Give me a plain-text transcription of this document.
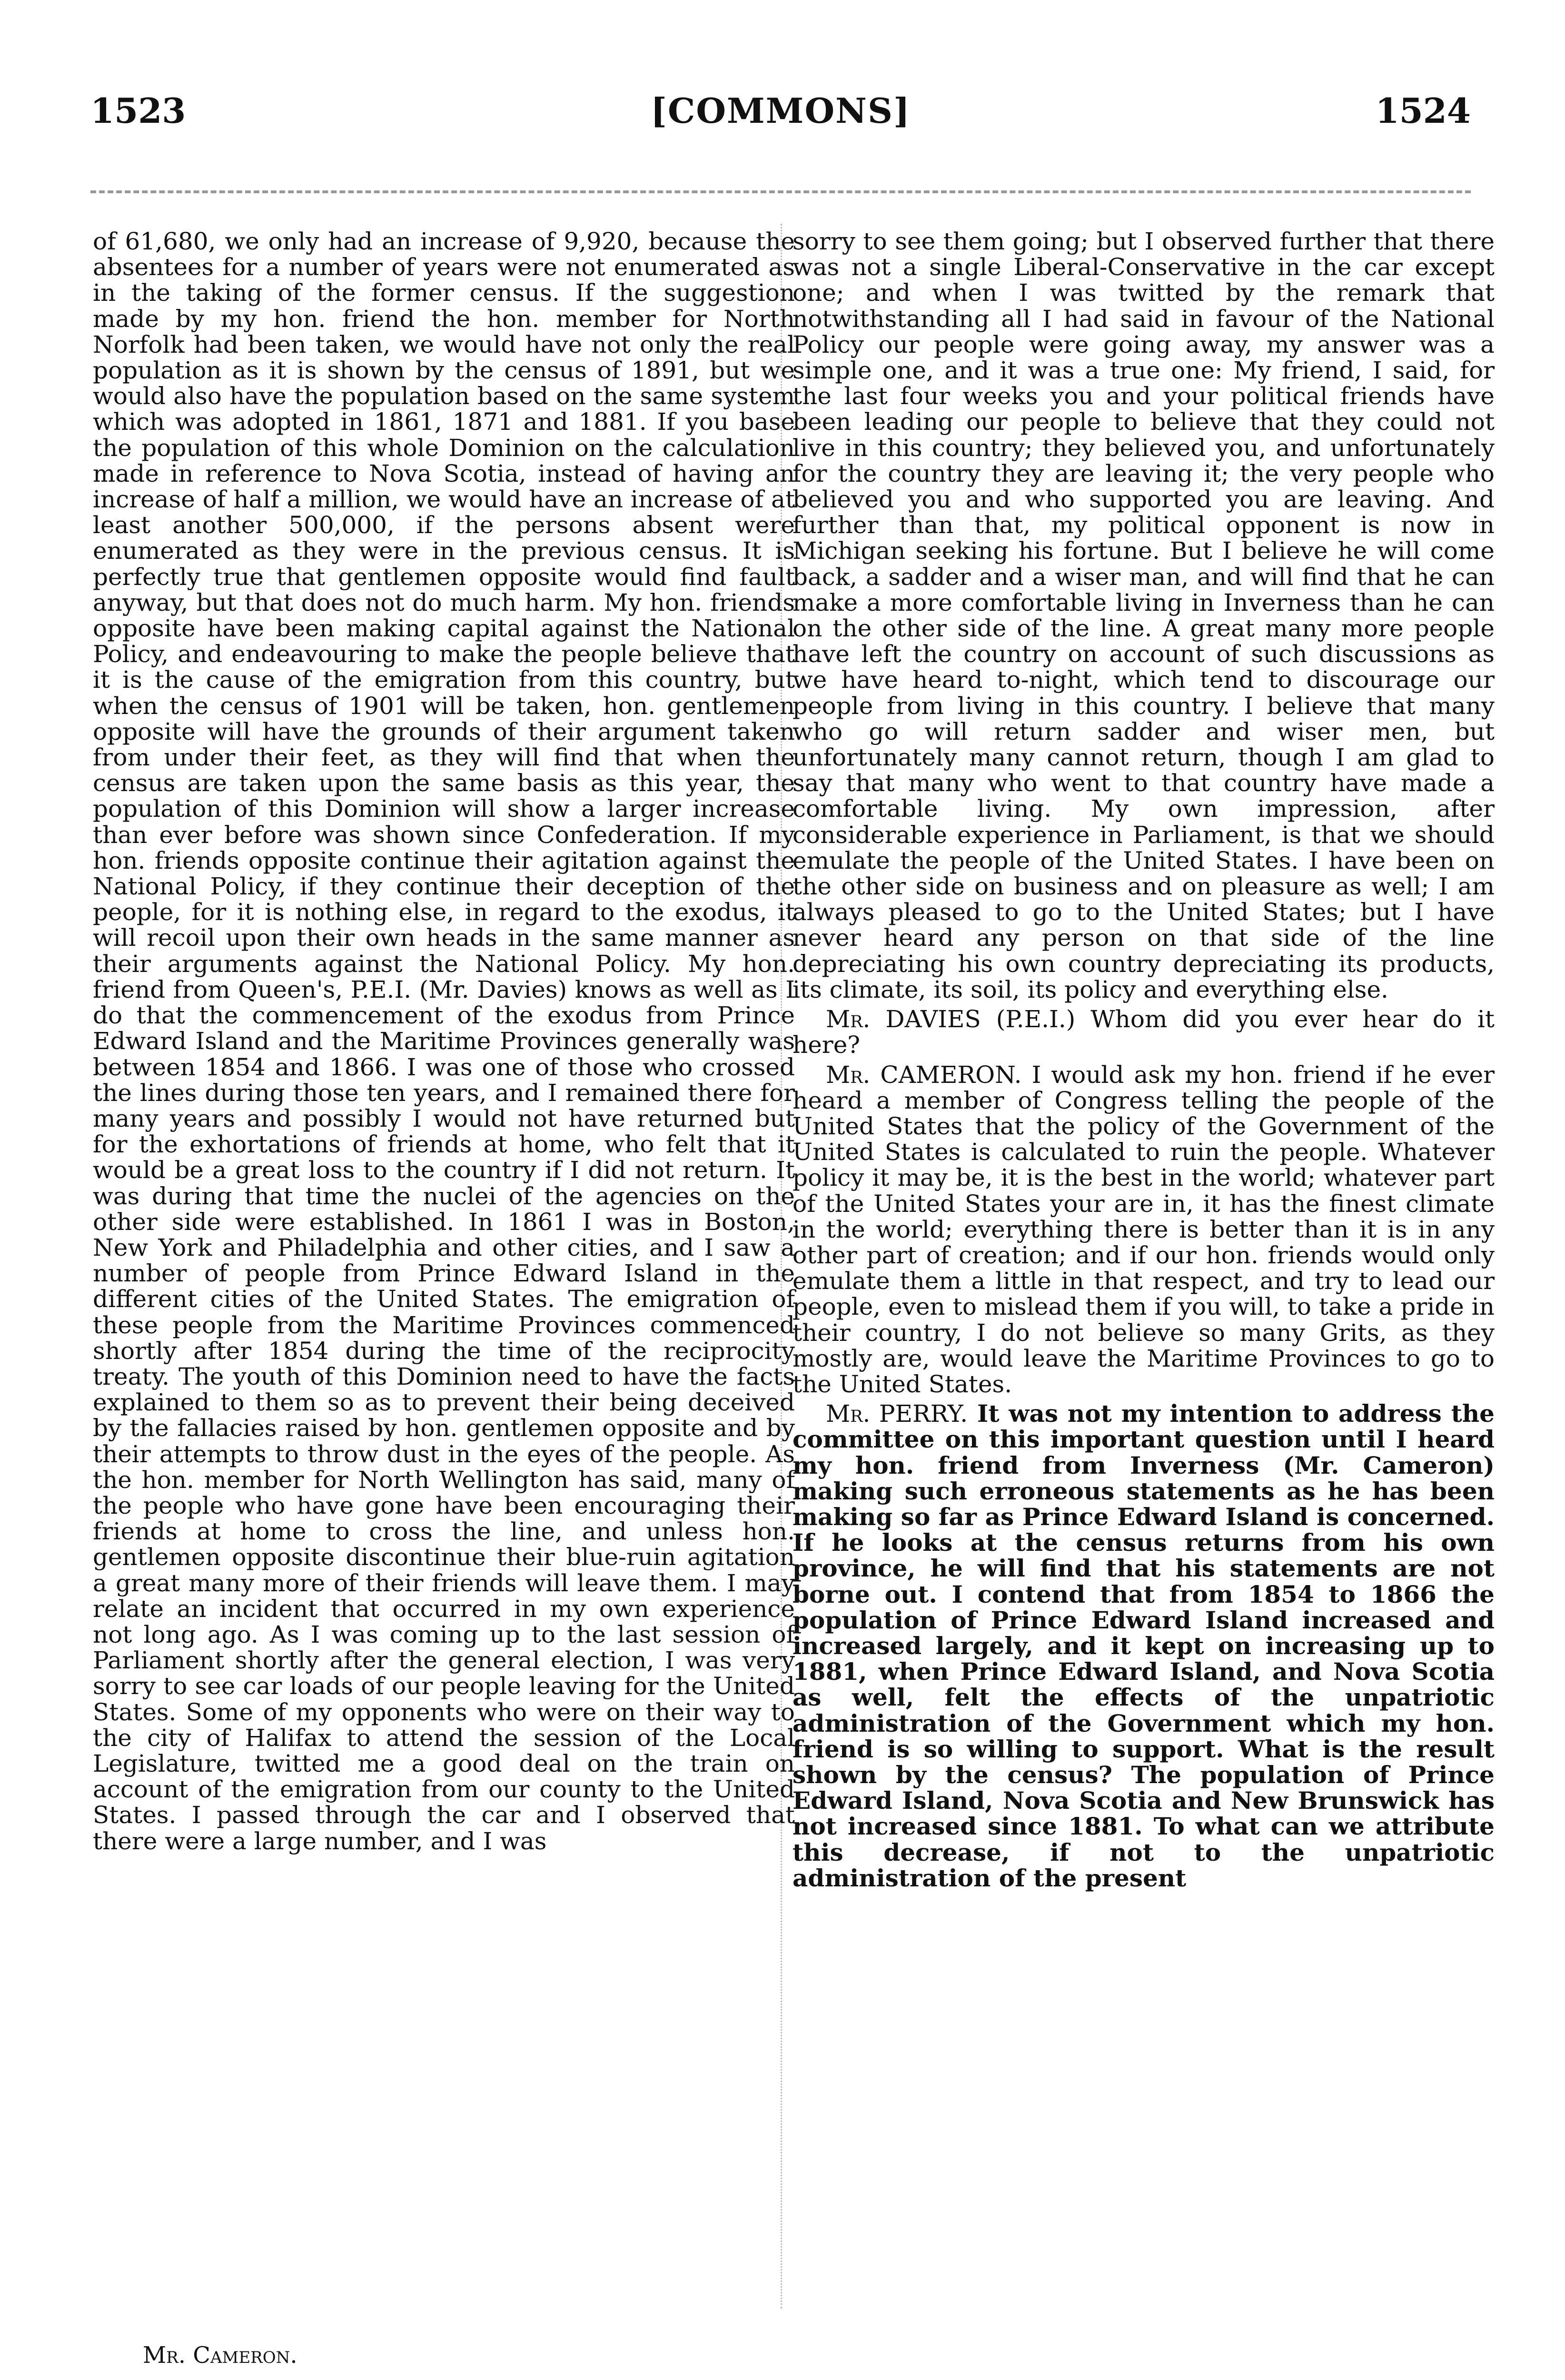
1523	[COMMONS]	1524

of 61,680, we only had an increase of 9,920, because the absentees for a number of years were not enumerated as in the taking of the former census. If the suggestion made by my hon. friend the hon. member for North Norfolk had been taken, we would have not only the real population as it is shown by the census of 1891, but we would also have the population based on the same system which was adopted in 1861, 1871 and 1881. If you base the population of this whole Dominion on the calculation made in reference to Nova Scotia, instead of having an increase of half a million, we would have an increase of at least another 500,000, if the persons absent were enumerated as they were in the previous census. It is perfectly true that gentlemen opposite would find fault anyway, but that does not do much harm. My hon. friends opposite have been making capital against the National Policy, and endeavouring to make the people believe that it is the cause of the emigration from this country, but when the census of 1901 will be taken, hon. gentlemen opposite will have the grounds of their argument taken from under their feet, as they will find that when the census are taken upon the same basis as this year, the population of this Dominion will show a larger increase than ever before was shown since Confederation. If my hon. friends opposite continue their agitation against the National Policy, if they continue their deception of the people, for it is nothing else, in regard to the exodus, it will recoil upon their own heads in the same manner as their arguments against the National Policy. My hon. friend from Queen's, P.E.I. (Mr. Davies) knows as well as I do that the commencement of the exodus from Prince Edward Island and the Maritime Provinces generally was between 1854 and 1866. I was one of those who crossed the lines during those ten years, and I remained there for many years and possibly I would not have returned but for the exhortations of friends at home, who felt that it would be a great loss to the country if I did not return. It was during that time the nuclei of the agencies on the other side were established. In 1861 I was in Boston, New York and Philadelphia and other cities, and I saw a number of people from Prince Edward Island in the different cities of the United States. The emigration of these people from the Maritime Provinces commenced shortly after 1854 during the time of the reciprocity treaty. The youth of this Dominion need to have the facts explained to them so as to prevent their being deceived by the fallacies raised by hon. gentlemen opposite and by their attempts to throw dust in the eyes of the people. As the hon. member for North Wellington has said, many of the people who have gone have been encouraging their friends at home to cross the line, and unless hon. gentlemen opposite discontinue their blue-ruin agitation a great many more of their friends will leave them. I may relate an incident that occurred in my own experience not long ago. As I was coming up to the last session of Parliament shortly after the general election, I was very sorry to see car loads of our people leaving for the United States. Some of my opponents who were on their way to the city of Halifax to attend the session of the Local Legislature, twitted me a good deal on the train on account of the emigration from our county to the United States. I passed through the car and I observed that there were a large number, and I was

sorry to see them going; but I observed further that there was not a single Liberal-Conservative in the car except one; and when I was twitted by the remark that notwithstanding all I had said in favour of the National Policy our people were going away, my answer was a simple one, and it was a true one: My friend, I said, for the last four weeks you and your political friends have been leading our people to believe that they could not live in this country; they believed you, and unfortunately for the country they are leaving it; the very people who believed you and who supported you are leaving. And further than that, my political opponent is now in Michigan seeking his fortune. But I believe he will come back, a sadder and a wiser man, and will find that he can make a more comfortable living in Inverness than he can on the other side of the line. A great many more people have left the country on account of such discussions as we have heard to-night, which tend to discourage our people from living in this country. I believe that many who go will return sadder and wiser men, but unfortunately many cannot return, though I am glad to say that many who went to that country have made a comfortable living. My own impression, after considerable experience in Parliament, is that we should emulate the people of the United States. I have been on the other side on business and on pleasure as well; I am always pleased to go to the United States; but I have never heard any person on that side of the line depreciating his own country depreciating its products, its climate, its soil, its policy and everything else.

Mr. DAVIES (P.E.I.) Whom did you ever hear do it here?

Mr. CAMERON. I would ask my hon. friend if he ever heard a member of Congress telling the people of the United States that the policy of the Government of the United States is calculated to ruin the people. Whatever policy it may be, it is the best in the world; whatever part of the United States your are in, it has the finest climate in the world; everything there is better than it is in any other part of creation; and if our hon. friends would only emulate them a little in that respect, and try to lead our people, even to mislead them if you will, to take a pride in their country, I do not believe so many Grits, as they mostly are, would leave the Maritime Provinces to go to the United States.

Mr. PERRY. It was not my intention to address the committee on this important question until I heard my hon. friend from Inverness (Mr. Cameron) making such erroneous statements as he has been making so far as Prince Edward Island is concerned. If he looks at the census returns from his own province, he will find that his statements are not borne out. I contend that from 1854 to 1866 the population of Prince Edward Island increased and increased largely, and it kept on increasing up to 1881, when Prince Edward Island, and Nova Scotia as well, felt the effects of the unpatriotic administration of the Government which my hon. friend is so willing to support. What is the result shown by the census? The population of Prince Edward Island, Nova Scotia and New Brunswick has not increased since 1881. To what can we attribute this decrease, if not to the unpatriotic administration of the present

Mr. Cameron.
